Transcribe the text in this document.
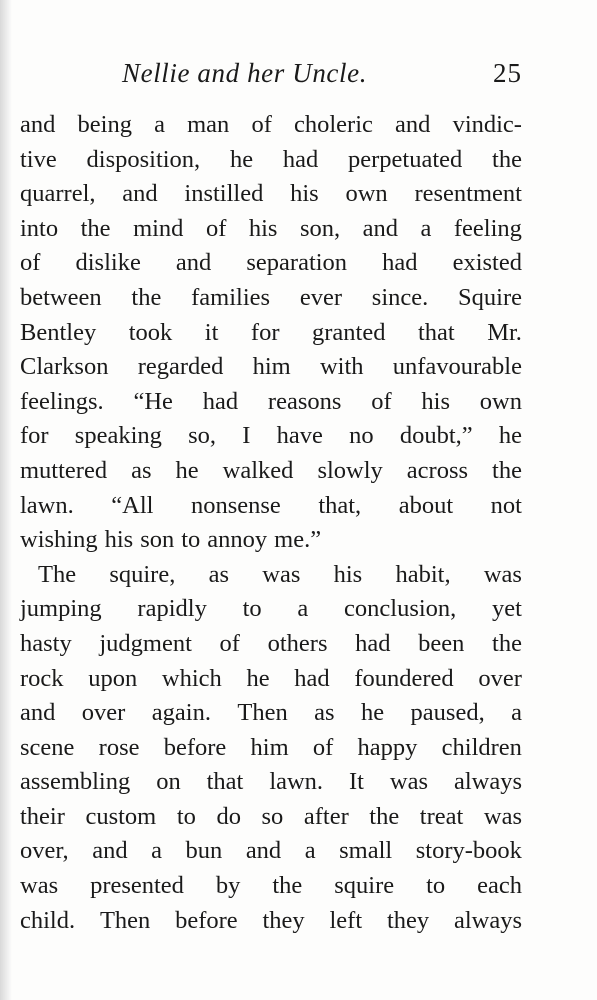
Nellie and her Uncle.	25
and being a man of choleric and vindic-
tive disposition, he had perpetuated the
quarrel, and instilled his own resentment
into the mind of his son, and a feeling
of dislike and separation had existed
between the families ever since. Squire
Bentley took it for granted that Mr.
Clarkson regarded him with unfavourable
feelings. “He had reasons of his own
for speaking so, I have no doubt,” he
muttered as he walked slowly across the
lawn. “All nonsense that, about not
wishing his son to annoy me.”
The squire, as was his habit, was
jumping rapidly to a conclusion, yet
hasty judgment of others had been the
rock upon which he had foundered over
and over again. Then as he paused, a
scene rose before him of happy children
assembling on that lawn. It was always
their custom to do so after the treat was
over, and a bun and a small story-book
was presented by the squire to each
child. Then before they left they always
